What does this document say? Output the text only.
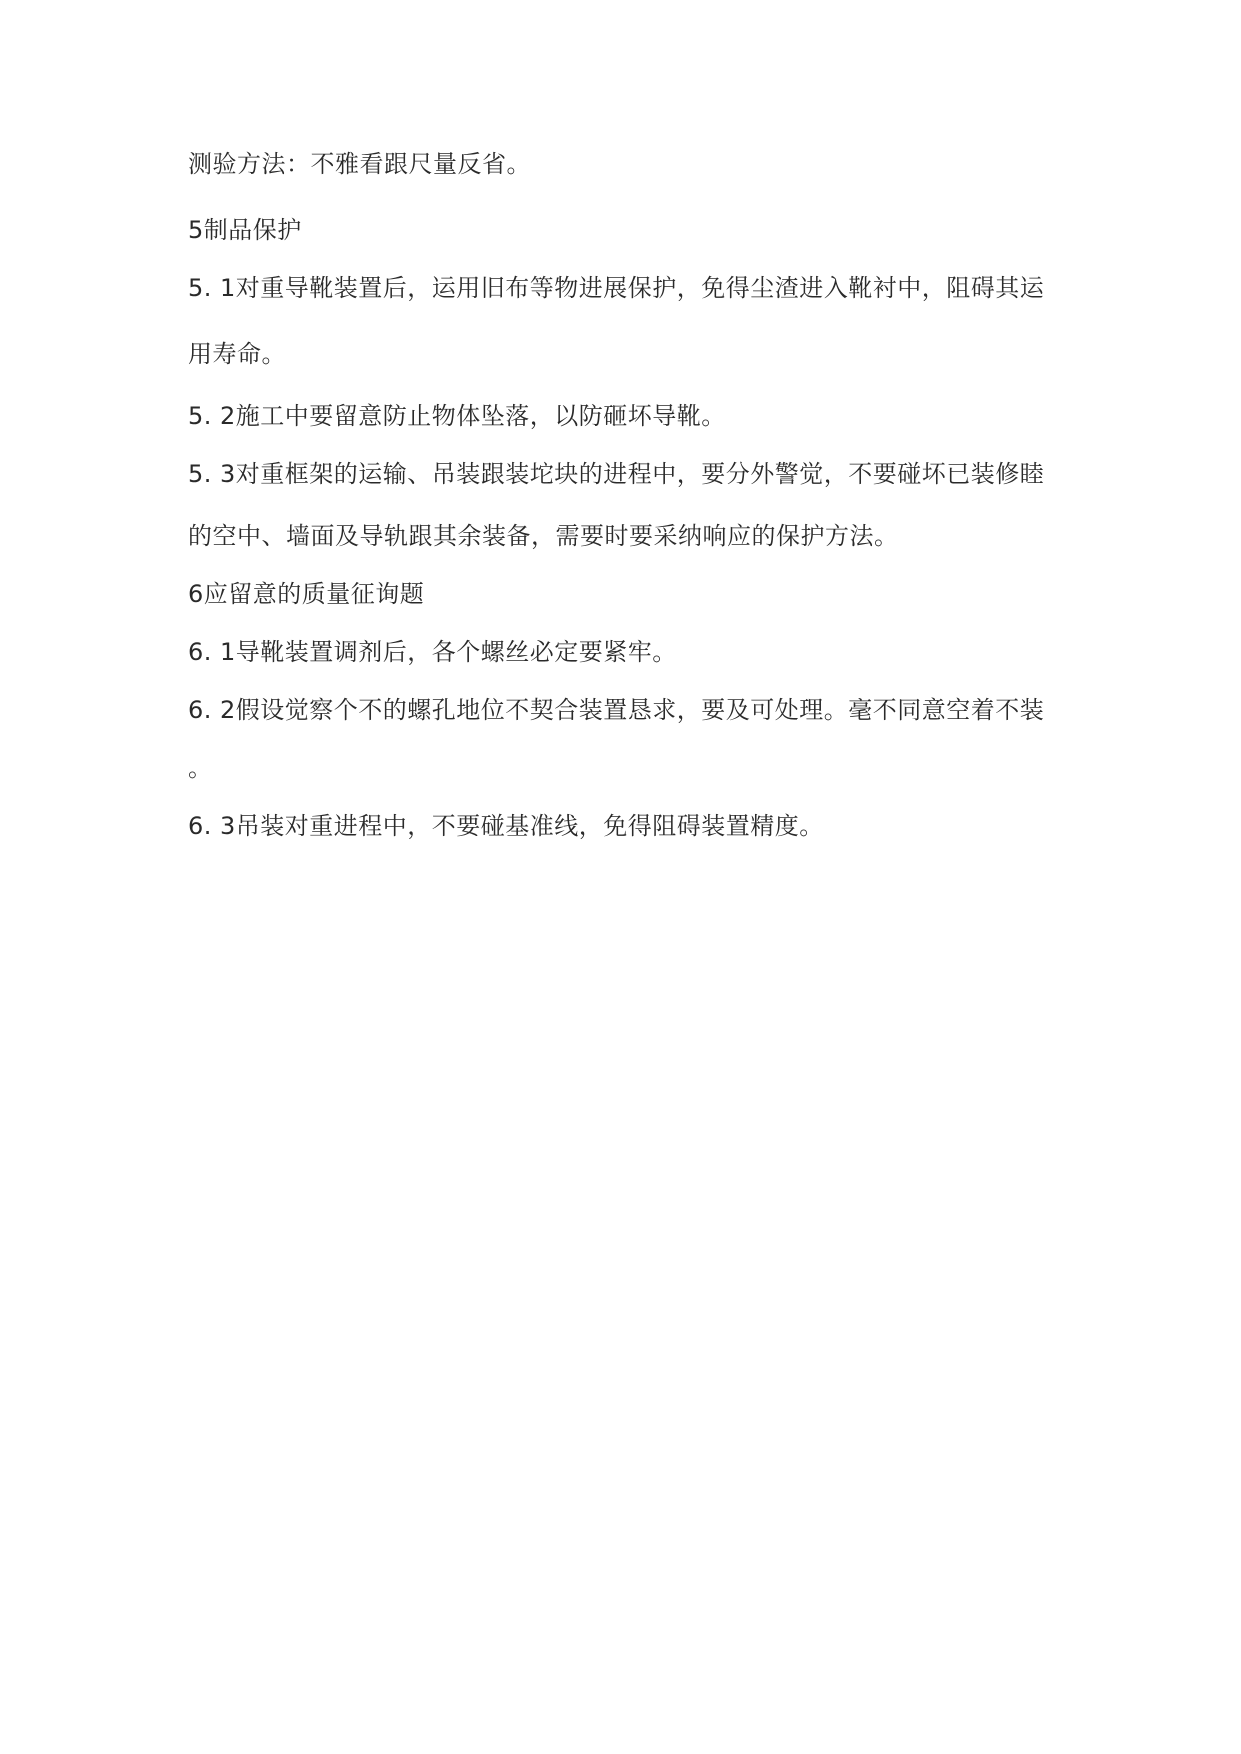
测验方法：不雅看跟尺量反省。
5制品保护
5. 1对重导靴装置后，运用旧布等物进展保护，免得尘渣进入靴衬中，阻碍其运
用寿命。
5. 2施工中要留意防止物体坠落，以防砸坏导靴。
5. 3对重框架的运输、吊装跟装坨块的进程中，要分外警觉，不要碰坏已装修睦
的空中、墙面及导轨跟其余装备，需要时要采纳响应的保护方法。
6应留意的质量征询题
6. 1导靴装置调剂后，各个螺丝必定要紧牢。
6. 2假设觉察个不的螺孔地位不契合装置恳求，要及可处理。毫不同意空着不装
。
6. 3吊装对重进程中，不要碰基准线，免得阻碍装置精度。
